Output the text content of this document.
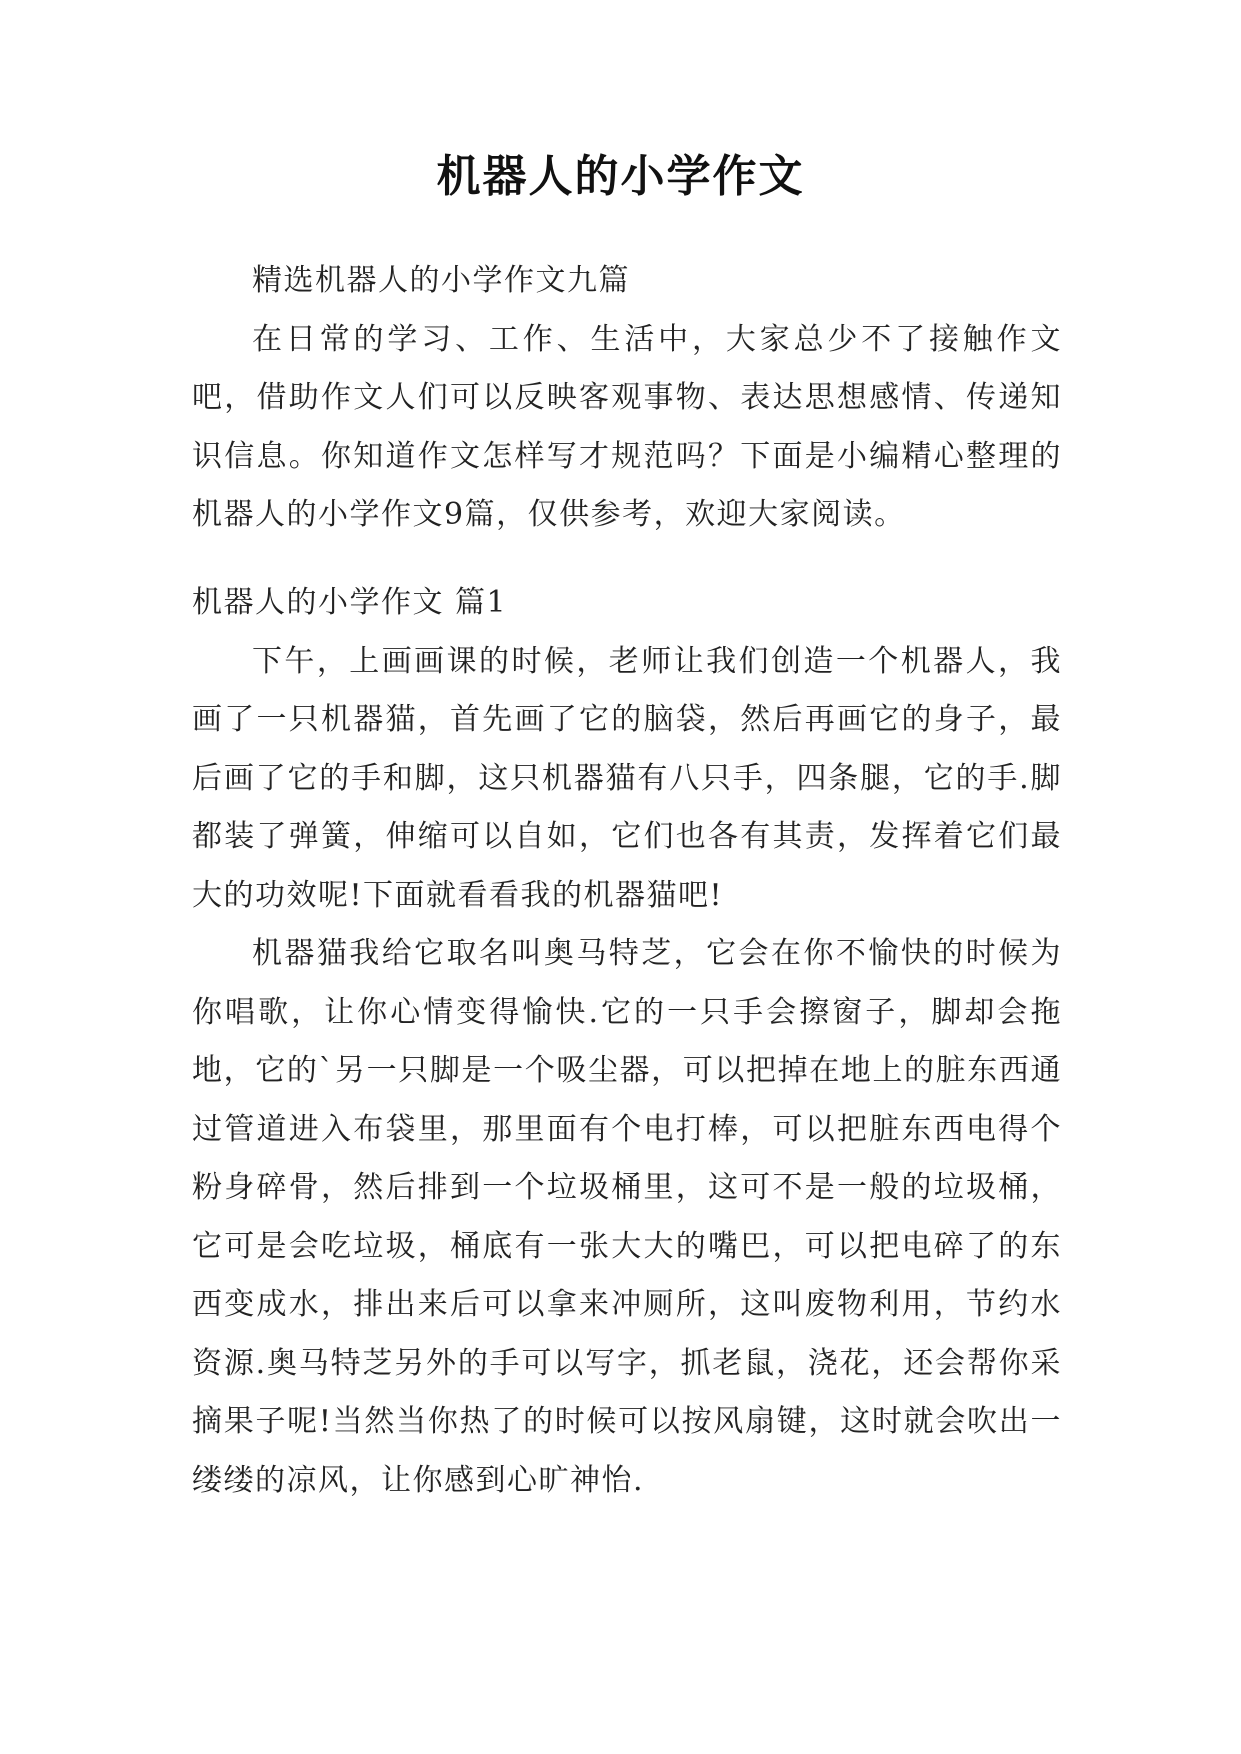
机器人的小学作文

精选机器人的小学作文九篇

在日常的学习、工作、生活中，大家总少不了接触作文吧，借助作文人们可以反映客观事物、表达思想感情、传递知识信息。你知道作文怎样写才规范吗？下面是小编精心整理的机器人的小学作文9篇，仅供参考，欢迎大家阅读。

机器人的小学作文 篇1

下午，上画画课的时候，老师让我们创造一个机器人，我画了一只机器猫，首先画了它的脑袋，然后再画它的身子，最后画了它的手和脚，这只机器猫有八只手，四条腿，它的手.脚都装了弹簧，伸缩可以自如，它们也各有其责，发挥着它们最大的功效呢!下面就看看我的机器猫吧!

机器猫我给它取名叫奥马特芝，它会在你不愉快的时候为你唱歌，让你心情变得愉快.它的一只手会擦窗子，脚却会拖地，它的`另一只脚是一个吸尘器，可以把掉在地上的脏东西通过管道进入布袋里，那里面有个电打棒，可以把脏东西电得个粉身碎骨，然后排到一个垃圾桶里，这可不是一般的垃圾桶，它可是会吃垃圾，桶底有一张大大的嘴巴，可以把电碎了的东西变成水，排出来后可以拿来冲厕所，这叫废物利用，节约水资源.奥马特芝另外的手可以写字，抓老鼠，浇花，还会帮你采摘果子呢!当然当你热了的时候可以按风扇键，这时就会吹出一缕缕的凉风，让你感到心旷神怡.
